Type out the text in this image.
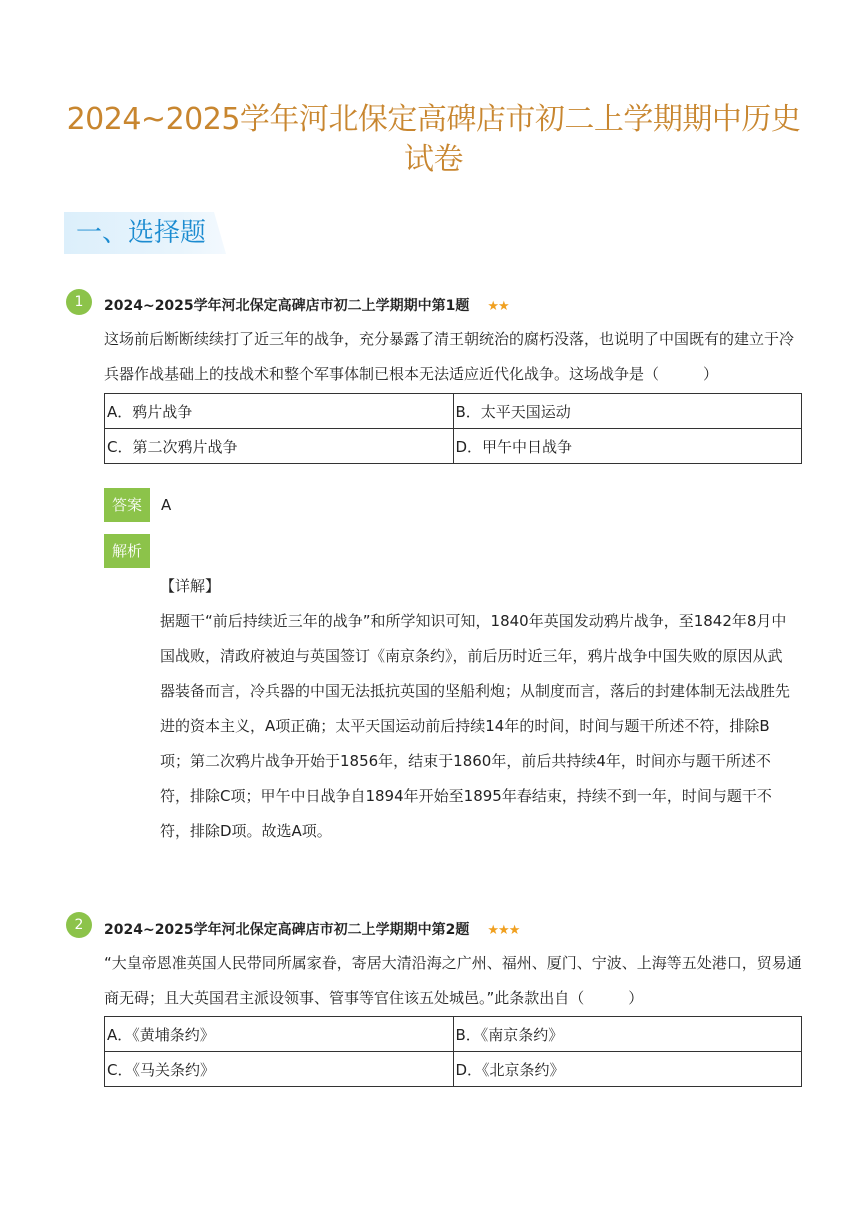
2024~2025学年河北保定高碑店市初二上学期期中历史试卷
一、选择题
1	2024~2025学年河北保定高碑店市初二上学期期中第1题 ★★
这场前后断断续续打了近三年的战争，充分暴露了清王朝统治的腐朽没落，也说明了中国既有的建立于冷兵器作战基础上的技战术和整个军事体制已根本无法适应近代化战争。这场战争是（	）
A．鸦片战争	B．太平天国运动
C．第二次鸦片战争	D．甲午中日战争
答案	A
解析
【详解】
据题干“前后持续近三年的战争”和所学知识可知，1840年英国发动鸦片战争，至1842年8月中国战败，清政府被迫与英国签订《南京条约》，前后历时近三年，鸦片战争中国失败的原因从武器装备而言，冷兵器的中国无法抵抗英国的坚船利炮；从制度而言，落后的封建体制无法战胜先进的资本主义，A项正确；太平天国运动前后持续14年的时间，时间与题干所述不符，排除B项；第二次鸦片战争开始于1856年，结束于1860年，前后共持续4年，时间亦与题干所述不符，排除C项；甲午中日战争自1894年开始至1895年春结束，持续不到一年，时间与题干不符，排除D项。故选A项。
2	2024~2025学年河北保定高碑店市初二上学期期中第2题 ★★★
“大皇帝恩准英国人民带同所属家眷，寄居大清沿海之广州、福州、厦门、宁波、上海等五处港口，贸易通商无碍；且大英国君主派设领事、管事等官住该五处城邑。”此条款出自（	）
A．《黄埔条约》	B．《南京条约》
C．《马关条约》	D．《北京条约》
